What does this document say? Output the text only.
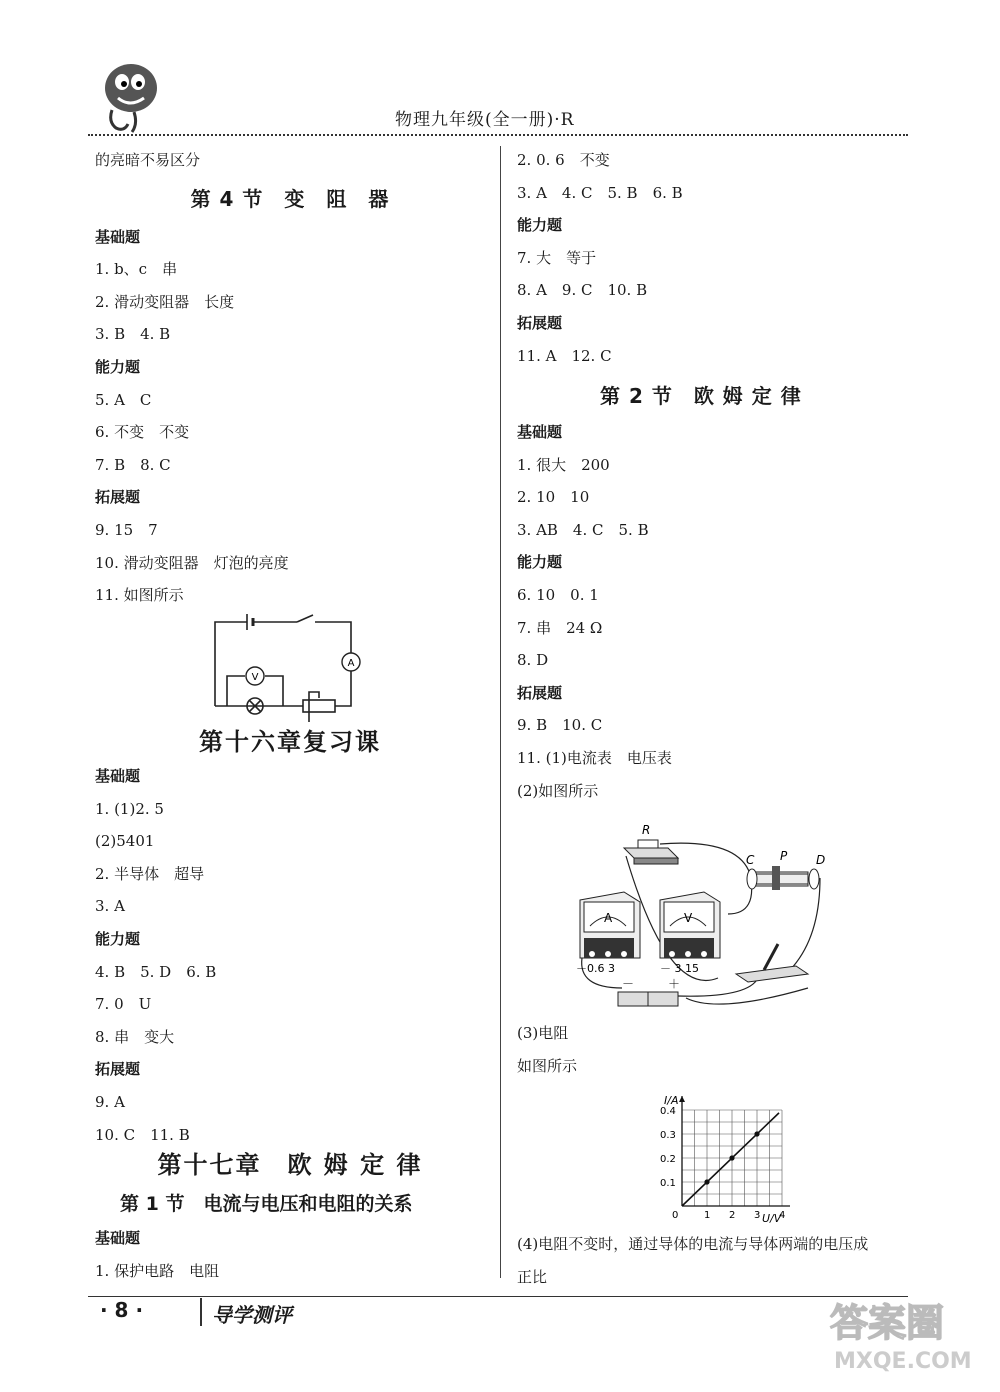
物理九年级(全一册)·R
的亮暗不易区分
第 4 节　变　阻　器
基础题
1. b、c　串
2. 滑动变阻器　长度
3. B　4. B
能力题
5. A　C
6. 不变　不变
7. B　8. C
拓展题
9. 15　7
10. 滑动变阻器　灯泡的亮度
11. 如图所示
V
A
第十六章复习课
基础题
1. (1)2. 5
(2)5401
2. 半导体　超导
3. A
能力题
4. B　5. D　6. B
7. 0　U
8. 串　变大
拓展题
9. A
10. C　11. B
第十七章　欧 姆 定 律
第 1 节　电流与电压和电阻的关系
基础题
1. 保护电路　电阻
2. 0. 6　不变
3. A　4. C　5. B　6. B
能力题
7. 大　等于
8. A　9. C　10. B
拓展题
11. A　12. C
第 2 节　欧 姆 定 律
基础题
1. 很大　200
2. 10　10
3. AB　4. C　5. B
能力题
6. 10　0. 1
7. 串　24 Ω
8. D
拓展题
9. B　10. C
11. (1)电流表　电压表
(2)如图所示
R
C P D
A
－0.6 3
V
－ 3 15
－	＋
(3)电阻
如图所示
0	1 2 3 4
0.1
0.2
0.3
0.4
I/A
U/V
(4)电阻不变时，通过导体的电流与导体两端的电压成
正比
· 8 ·	导学测评	答案圈
MXQE.COM
